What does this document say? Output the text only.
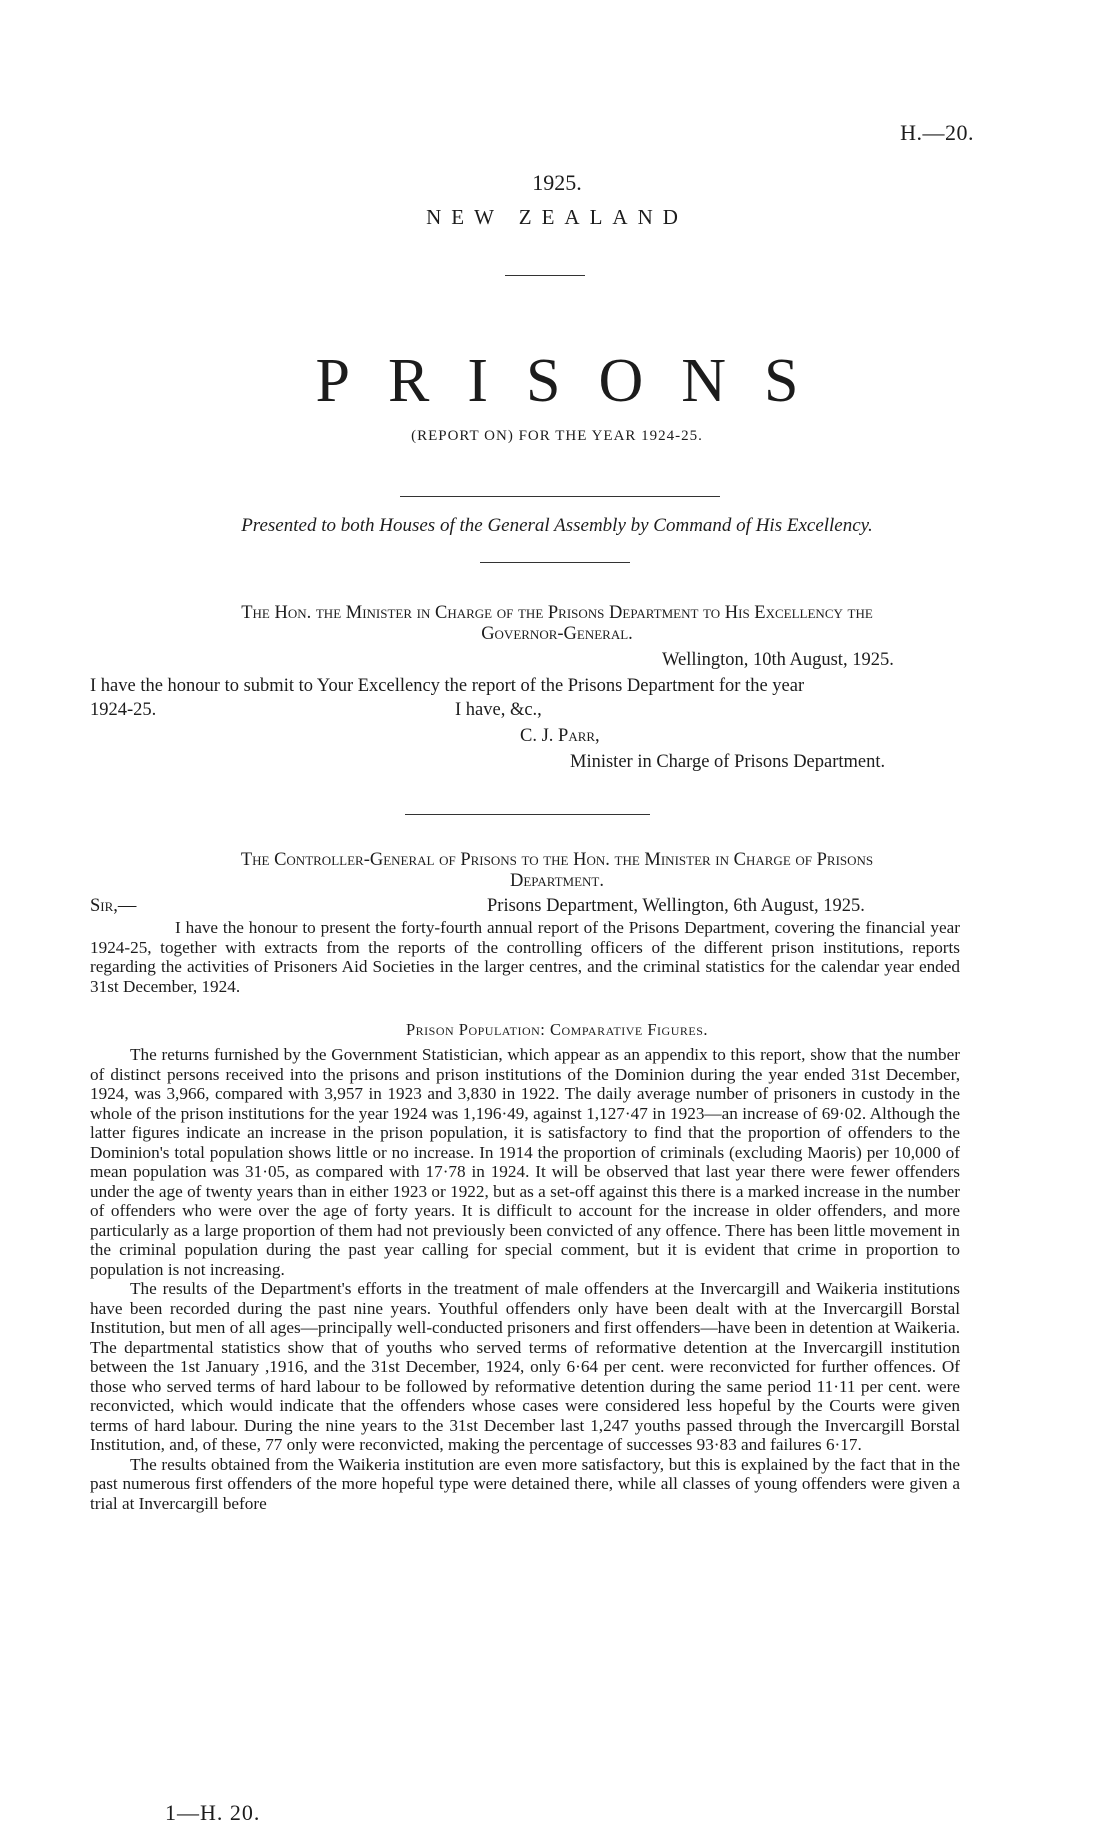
H.—20.
1925.
NEW ZEALAND
PRISONS
(REPORT ON) FOR THE YEAR 1924-25.
Presented to both Houses of the General Assembly by Command of His Excellency.
The Hon. the Minister in Charge of the Prisons Department to His Excellency the
Governor-General.
Wellington, 10th August, 1925.
I have the honour to submit to Your Excellency the report of the Prisons Department for the year
1924-25.	I have, &c.,
C. J. Parr,
Minister in Charge of Prisons Department.
The Controller-General of Prisons to the Hon. the Minister in Charge of Prisons
Department.
Sir,—	Prisons Department, Wellington, 6th August, 1925.

I have the honour to present the forty-fourth annual report of the Prisons Department, covering the financial year 1924-25, together with extracts from the reports of the controlling officers of the different prison institutions, reports regarding the activities of Prisoners Aid Societies in the larger centres, and the criminal statistics for the calendar year ended 31st December, 1924.

Prison Population: Comparative Figures.

The returns furnished by the Government Statistician, which appear as an appendix to this report, show that the number of distinct persons received into the prisons and prison institutions of the Dominion during the year ended 31st December, 1924, was 3,966, compared with 3,957 in 1923 and 3,830 in 1922. The daily average number of prisoners in custody in the whole of the prison institutions for the year 1924 was 1,196·49, against 1,127·47 in 1923—an increase of 69·02. Although the latter figures indicate an increase in the prison population, it is satisfactory to find that the proportion of offenders to the Dominion's total population shows little or no increase. In 1914 the proportion of criminals (excluding Maoris) per 10,000 of mean population was 31·05, as compared with 17·78 in 1924. It will be observed that last year there were fewer offenders under the age of twenty years than in either 1923 or 1922, but as a set-off against this there is a marked increase in the number of offenders who were over the age of forty years. It is difficult to account for the increase in older offenders, and more particularly as a large proportion of them had not previously been convicted of any offence. There has been little movement in the criminal population during the past year calling for special comment, but it is evident that crime in proportion to population is not increasing.

The results of the Department's efforts in the treatment of male offenders at the Invercargill and Waikeria institutions have been recorded during the past nine years. Youthful offenders only have been dealt with at the Invercargill Borstal Institution, but men of all ages—principally well-conducted prisoners and first offenders—have been in detention at Waikeria. The departmental statistics show that of youths who served terms of reformative detention at the Invercargill institution between the 1st January ,1916, and the 31st December, 1924, only 6·64 per cent. were reconvicted for further offences. Of those who served terms of hard labour to be followed by reformative detention during the same period 11·11 per cent. were reconvicted, which would indicate that the offenders whose cases were considered less hopeful by the Courts were given terms of hard labour. During the nine years to the 31st December last 1,247 youths passed through the Invercargill Borstal Institution, and, of these, 77 only were reconvicted, making the percentage of successes 93·83 and failures 6·17.

The results obtained from the Waikeria institution are even more satisfactory, but this is explained by the fact that in the past numerous first offenders of the more hopeful type were detained there, while all classes of young offenders were given a trial at Invercargill before

1—H. 20.
